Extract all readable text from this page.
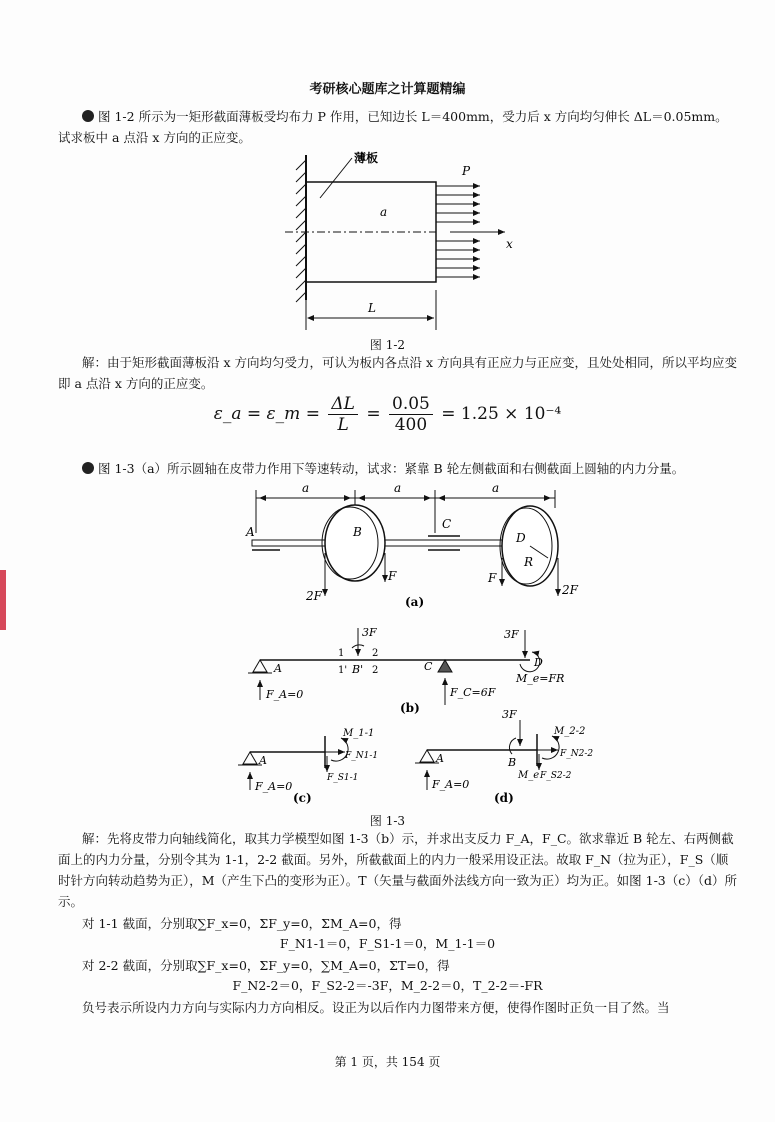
考研核心题库之计算题精编
图 1-2 所示为一矩形截面薄板受均布力 P 作用，已知边长 L＝400mm，受力后 x 方向均匀伸长 ΔL＝0.05mm。试求板中 a 点沿 x 方向的正应变。
薄板
P
a
x
L
图 1-2
解：由于矩形截面薄板沿 x 方向均匀受力，可认为板内各点沿 x 方向具有正应力与正应变，且处处相同，所以平均应变即 a 点沿 x 方向的正应变。
ε_a = ε_m = $\frac{\Delta L}{L} = \frac{0.05}{400} = 1.25 \times 10^{-4}$
图 1-3（a）所示圆轴在皮带力作用下等速转动，试求：紧靠 B 轮左侧截面和右侧截面上圆轴的内力分量。
a	a	a
A
C
B
2F
F
D
R
F
2F
(a)
A
F_A=0
3F
1
1'
2
2
B'	C
F_C=6F
3F
D
M_e=FR
(b)
A
F_A=0
M_1-1
F_N1-1
F_S1-1
(c)
A
F_A=0
3F
B
M_e
M_2-2
F_N2-2
F_S2-2
(d)
图 1-3
解：先将皮带力向轴线简化，取其力学模型如图 1-3（b）示，并求出支反力 F_A，F_C。欲求靠近 B 轮左、右两侧截面上的内力分量，分别令其为 1-1，2-2 截面。另外，所截截面上的内力一般采用设正法。故取 F_N（拉为正），F_S（顺时针方向转动趋势为正），M（产生下凸的变形为正）。T（矢量与截面外法线方向一致为正）均为正。如图 1-3（c）（d）所示。
对 1-1 截面，分别取∑F_x=0，ΣF_y=0，ΣM_A=0，得
F_N1-1＝0，F_S1-1＝0，M_1-1＝0
对 2-2 截面，分别取∑F_x=0，ΣF_y=0，∑M_A=0，ΣT=0，得
F_N2-2＝0，F_S2-2＝-3F，M_2-2＝0，T_2-2＝-FR
负号表示所设内力方向与实际内力方向相反。设正为以后作内力图带来方便，使得作图时正负一目了然。当
第 1 页，共 154 页
